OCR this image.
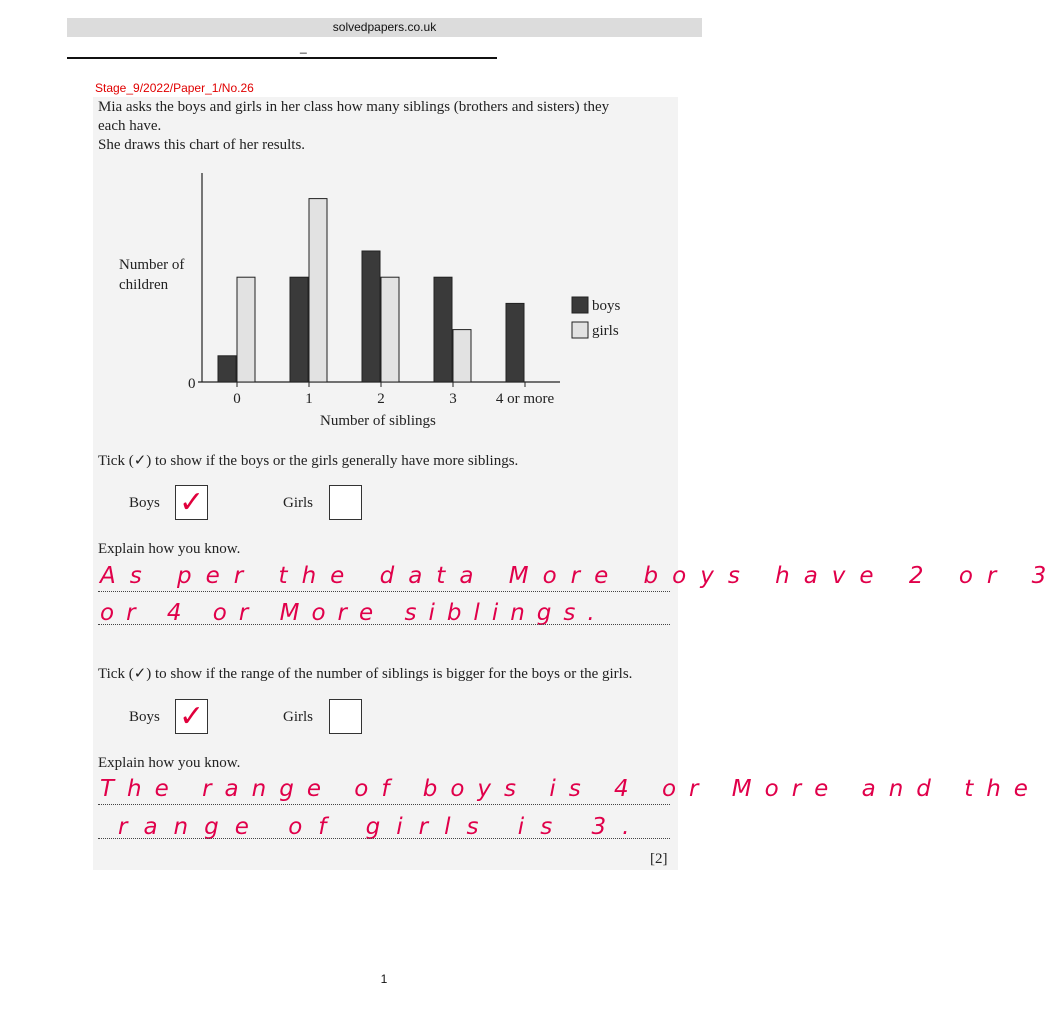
solvedpapers.co.uk
_
Stage_9/2022/Paper_1/No.26
Mia asks the boys and girls in her class how many siblings (brothers and sisters) they
each have.
She draws this chart of her results.
0	1	2	3	4 or more
Number of
children
0
Number of siblings
boys
girls
Tick (✓) to show if the boys or the girls generally have more siblings.
Boys ✓	Girls
Explain how you know.
As per the data More boys have 2 or 3
or 4 or More siblings.
Tick (✓) to show if the range of the number of siblings is bigger for the boys or the girls.
Boys ✓	Girls
Explain how you know.
The range of boys is 4 or More and the
range of girls is 3.
[2]
1
